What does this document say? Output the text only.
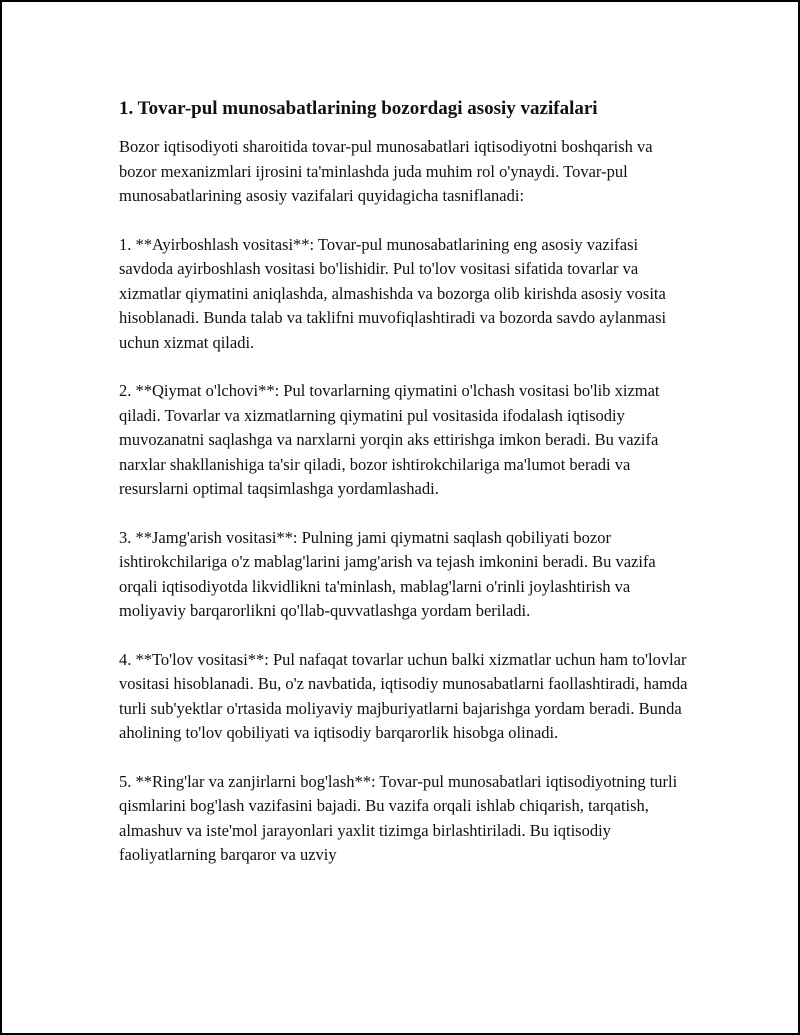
1. Tovar-pul munosabatlarining bozordagi asosiy vazifalari

Bozor iqtisodiyoti sharoitida tovar-pul munosabatlari iqtisodiyotni boshqarish va bozor mexanizmlari ijrosini ta'minlashda juda muhim rol o'ynaydi. Tovar-pul munosabatlarining asosiy vazifalari quyidagicha tasniflanadi:

1. **Ayirboshlash vositasi**: Tovar-pul munosabatlarining eng asosiy vazifasi savdoda ayirboshlash vositasi bo'lishidir. Pul to'lov vositasi sifatida tovarlar va xizmatlar qiymatini aniqlashda, almashishda va bozorga olib kirishda asosiy vosita hisoblanadi. Bunda talab va taklifni muvofiqlashtiradi va bozorda savdo aylanmasi uchun xizmat qiladi.

2. **Qiymat o'lchovi**: Pul tovarlarning qiymatini o'lchash vositasi bo'lib xizmat qiladi. Tovarlar va xizmatlarning qiymatini pul vositasida ifodalash iqtisodiy muvozanatni saqlashga va narxlarni yorqin aks ettirishga imkon beradi. Bu vazifa narxlar shakllanishiga ta'sir qiladi, bozor ishtirokchilariga ma'lumot beradi va resurslarni optimal taqsimlashga yordamlashadi.

3. **Jamg'arish vositasi**: Pulning jami qiymatni saqlash qobiliyati bozor ishtirokchilariga o'z mablag'larini jamg'arish va tejash imkonini beradi. Bu vazifa orqali iqtisodiyotda likvidlikni ta'minlash, mablag'larni o'rinli joylashtirish va moliyaviy barqarorlikni qo'llab-quvvatlashga yordam beriladi.

4. **To'lov vositasi**: Pul nafaqat tovarlar uchun balki xizmatlar uchun ham to'lovlar vositasi hisoblanadi. Bu, o'z navbatida, iqtisodiy munosabatlarni faollashtiradi, hamda turli sub'yektlar o'rtasida moliyaviy majburiyatlarni bajarishga yordam beradi. Bunda aholining to'lov qobiliyati va iqtisodiy barqarorlik hisobga olinadi.

5. **Ring'lar va zanjirlarni bog'lash**: Tovar-pul munosabatlari iqtisodiyotning turli qismlarini bog'lash vazifasini bajadi. Bu vazifa orqali ishlab chiqarish, tarqatish, almashuv va iste'mol jarayonlari yaxlit tizimga birlashtiriladi. Bu iqtisodiy faoliyatlarning barqaror va uzviy
